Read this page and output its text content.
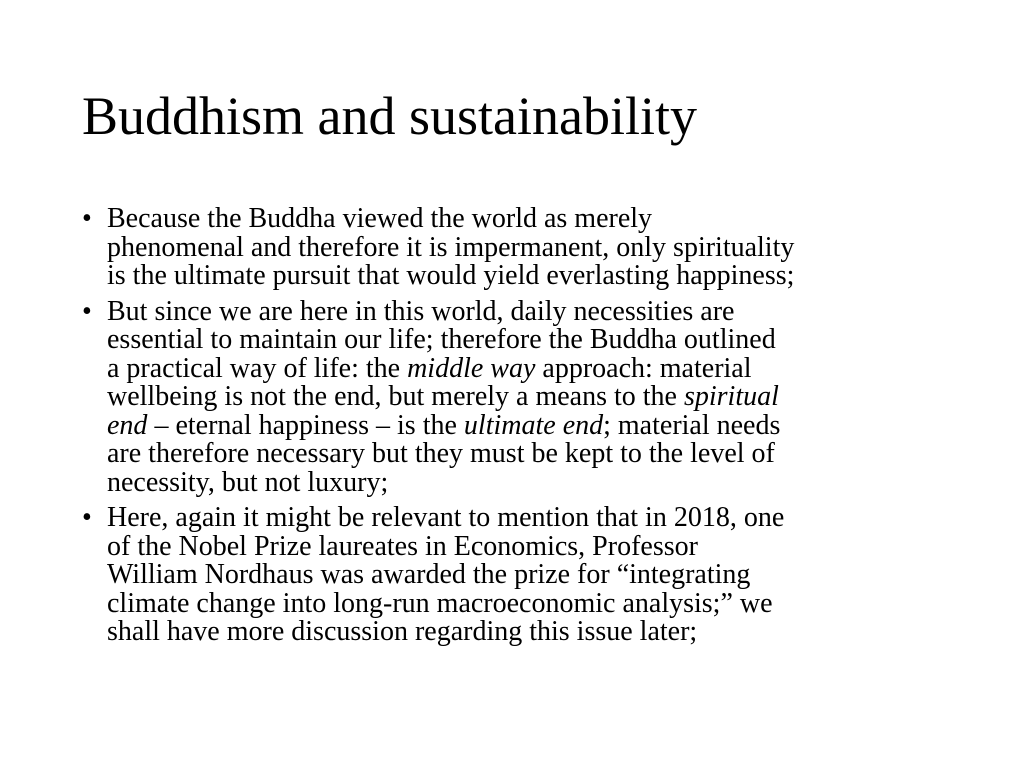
Buddhism and sustainability
• Because the Buddha viewed the world as merely
phenomenal and therefore it is impermanent, only spirituality
is the ultimate pursuit that would yield everlasting happiness;
• But since we are here in this world, daily necessities are
essential to maintain our life; therefore the Buddha outlined
a practical way of life: the middle way approach: material
wellbeing is not the end, but merely a means to the spiritual
end – eternal happiness – is the ultimate end; material needs
are therefore necessary but they must be kept to the level of
necessity, but not luxury;
• Here, again it might be relevant to mention that in 2018, one
of the Nobel Prize laureates in Economics, Professor
William Nordhaus was awarded the prize for “integrating
climate change into long-run macroeconomic analysis;” we
shall have more discussion regarding this issue later;
